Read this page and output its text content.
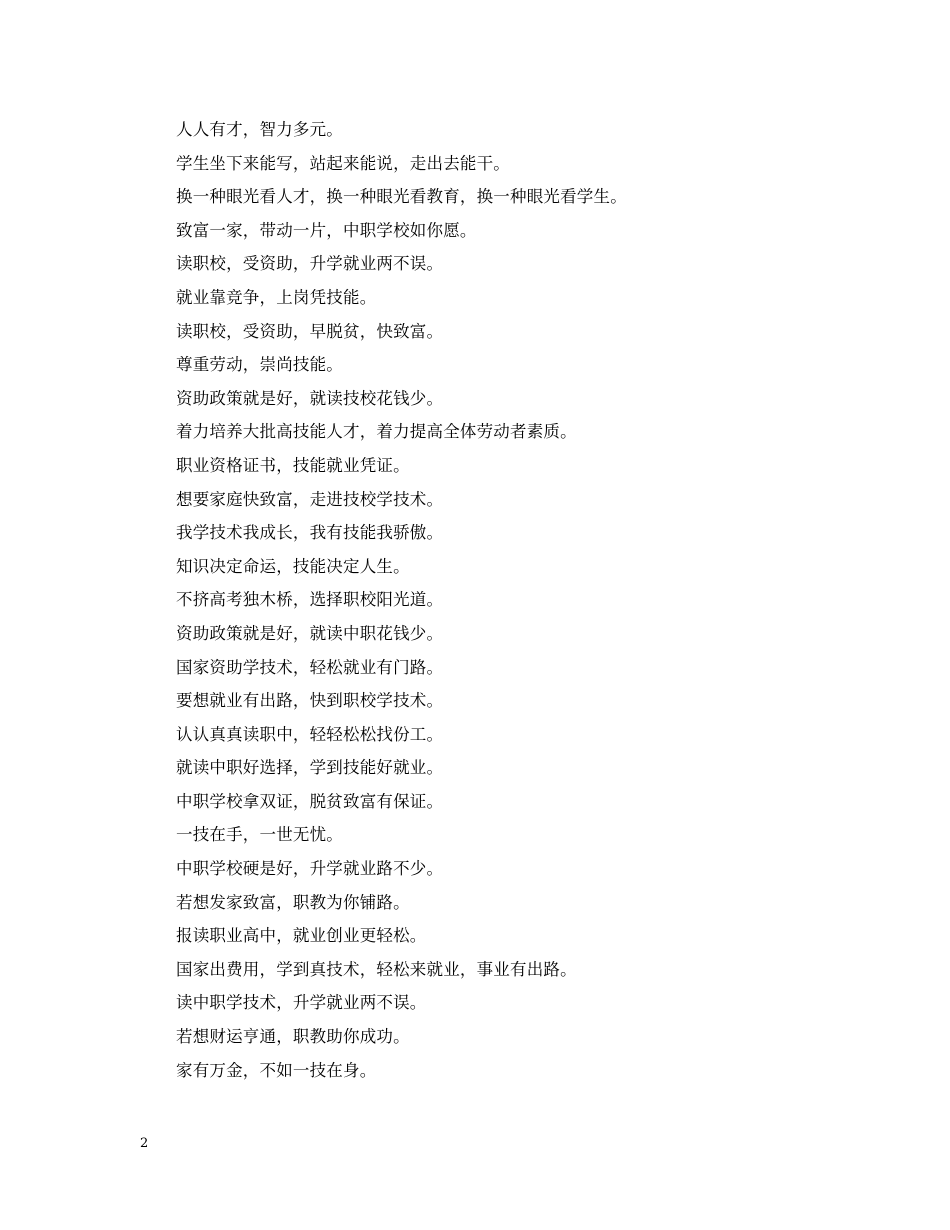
人人有才，智力多元。
学生坐下来能写，站起来能说，走出去能干。
换一种眼光看人才，换一种眼光看教育，换一种眼光看学生。
致富一家，带动一片，中职学校如你愿。
读职校，受资助，升学就业两不误。
就业靠竞争，上岗凭技能。
读职校，受资助，早脱贫，快致富。
尊重劳动，崇尚技能。
资助政策就是好，就读技校花钱少。
着力培养大批高技能人才，着力提高全体劳动者素质。
职业资格证书，技能就业凭证。
想要家庭快致富，走进技校学技术。
我学技术我成长，我有技能我骄傲。
知识决定命运，技能决定人生。
不挤高考独木桥，选择职校阳光道。
资助政策就是好，就读中职花钱少。
国家资助学技术，轻松就业有门路。
要想就业有出路，快到职校学技术。
认认真真读职中，轻轻松松找份工。
就读中职好选择，学到技能好就业。
中职学校拿双证，脱贫致富有保证。
一技在手，一世无忧。
中职学校硬是好，升学就业路不少。
若想发家致富，职教为你铺路。
报读职业高中，就业创业更轻松。
国家出费用，学到真技术，轻松来就业，事业有出路。
读中职学技术，升学就业两不误。
若想财运亨通，职教助你成功。
家有万金，不如一技在身。
2
